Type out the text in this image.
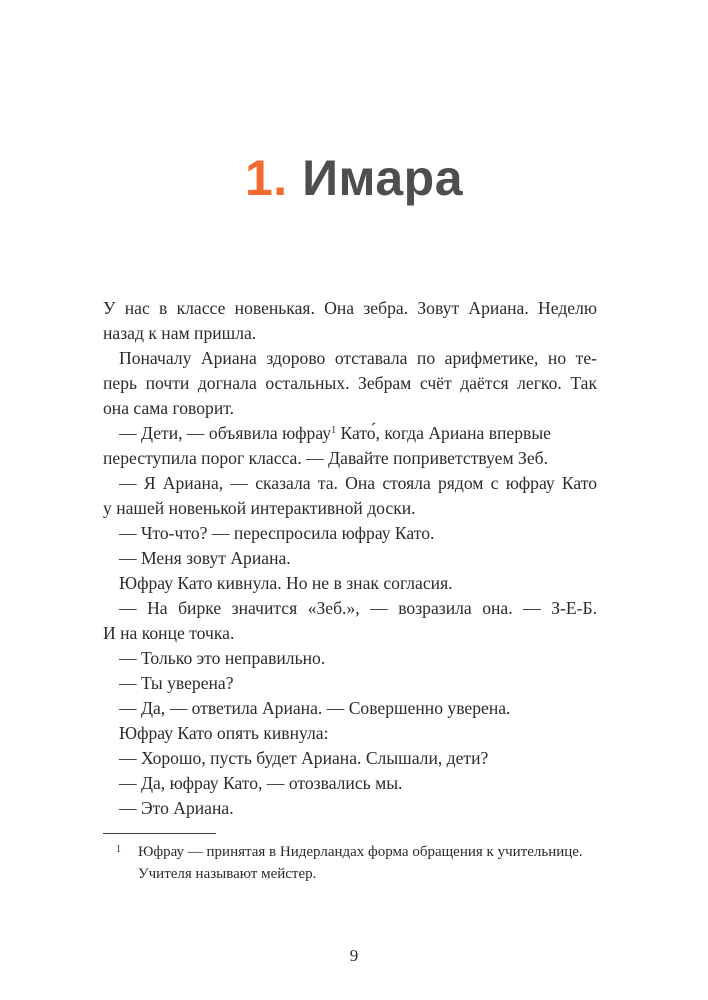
1. Имара
У нас в классе новенькая. Она зебра. Зовут Ариана. Неделю
назад к нам пришла.
Поначалу Ариана здорово отставала по арифметике, но те-
перь почти догнала остальных. Зебрам счёт даётся легко. Так
она сама говорит.
— Дети, — объявила юфрау$^1$ Като́, когда Ариана впервые
переступила порог класса. — Давайте поприветствуем Зеб.
— Я Ариана, — сказала та. Она стояла рядом с юфрау Като
у нашей новенькой интерактивной доски.
— Что-что? — переспросила юфрау Като.
— Меня зовут Ариана.
Юфрау Като кивнула. Но не в знак согласия.
— На бирке значится «Зеб.», — возразила она. — З-Е-Б.
И на конце точка.
— Только это неправильно.
— Ты уверена?
— Да, — ответила Ариана. — Совершенно уверена.
Юфрау Като опять кивнула:
— Хорошо, пусть будет Ариана. Слышали, дети?
— Да, юфрау Като, — отозвались мы.
— Это Ариана.
1	Юфрау — принятая в Нидерландах форма обращения к учительнице.
Учителя называют мейстер.
9
